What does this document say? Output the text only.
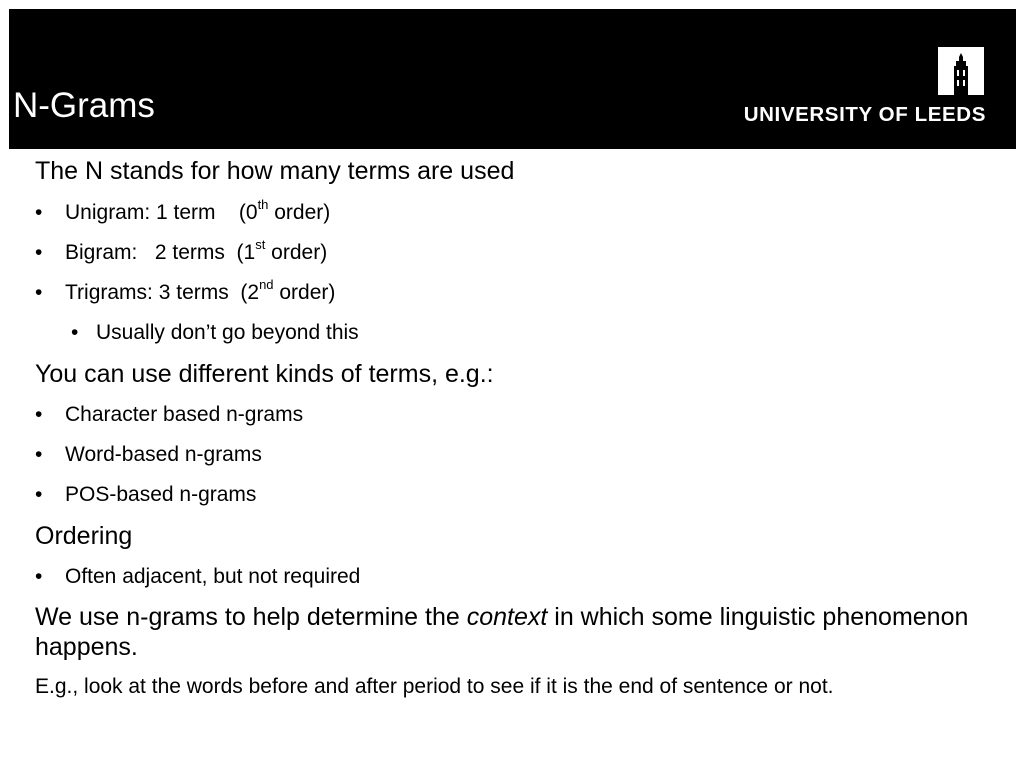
N-Grams	UNIVERSITY OF LEEDS

The N stands for how many terms are used

• Unigram: 1 term    (0th order)

• Bigram:   2 terms  (1st order)

• Trigrams: 3 terms  (2nd order)

• Usually don’t go beyond this

You can use different kinds of terms, e.g.:

• Character based n-grams

• Word-based n-grams

• POS-based n-grams

Ordering

• Often adjacent, but not required

We use n-grams to help determine the context in which some linguistic phenomenon happens.

E.g., look at the words before and after period to see if it is the end of sentence or not.
